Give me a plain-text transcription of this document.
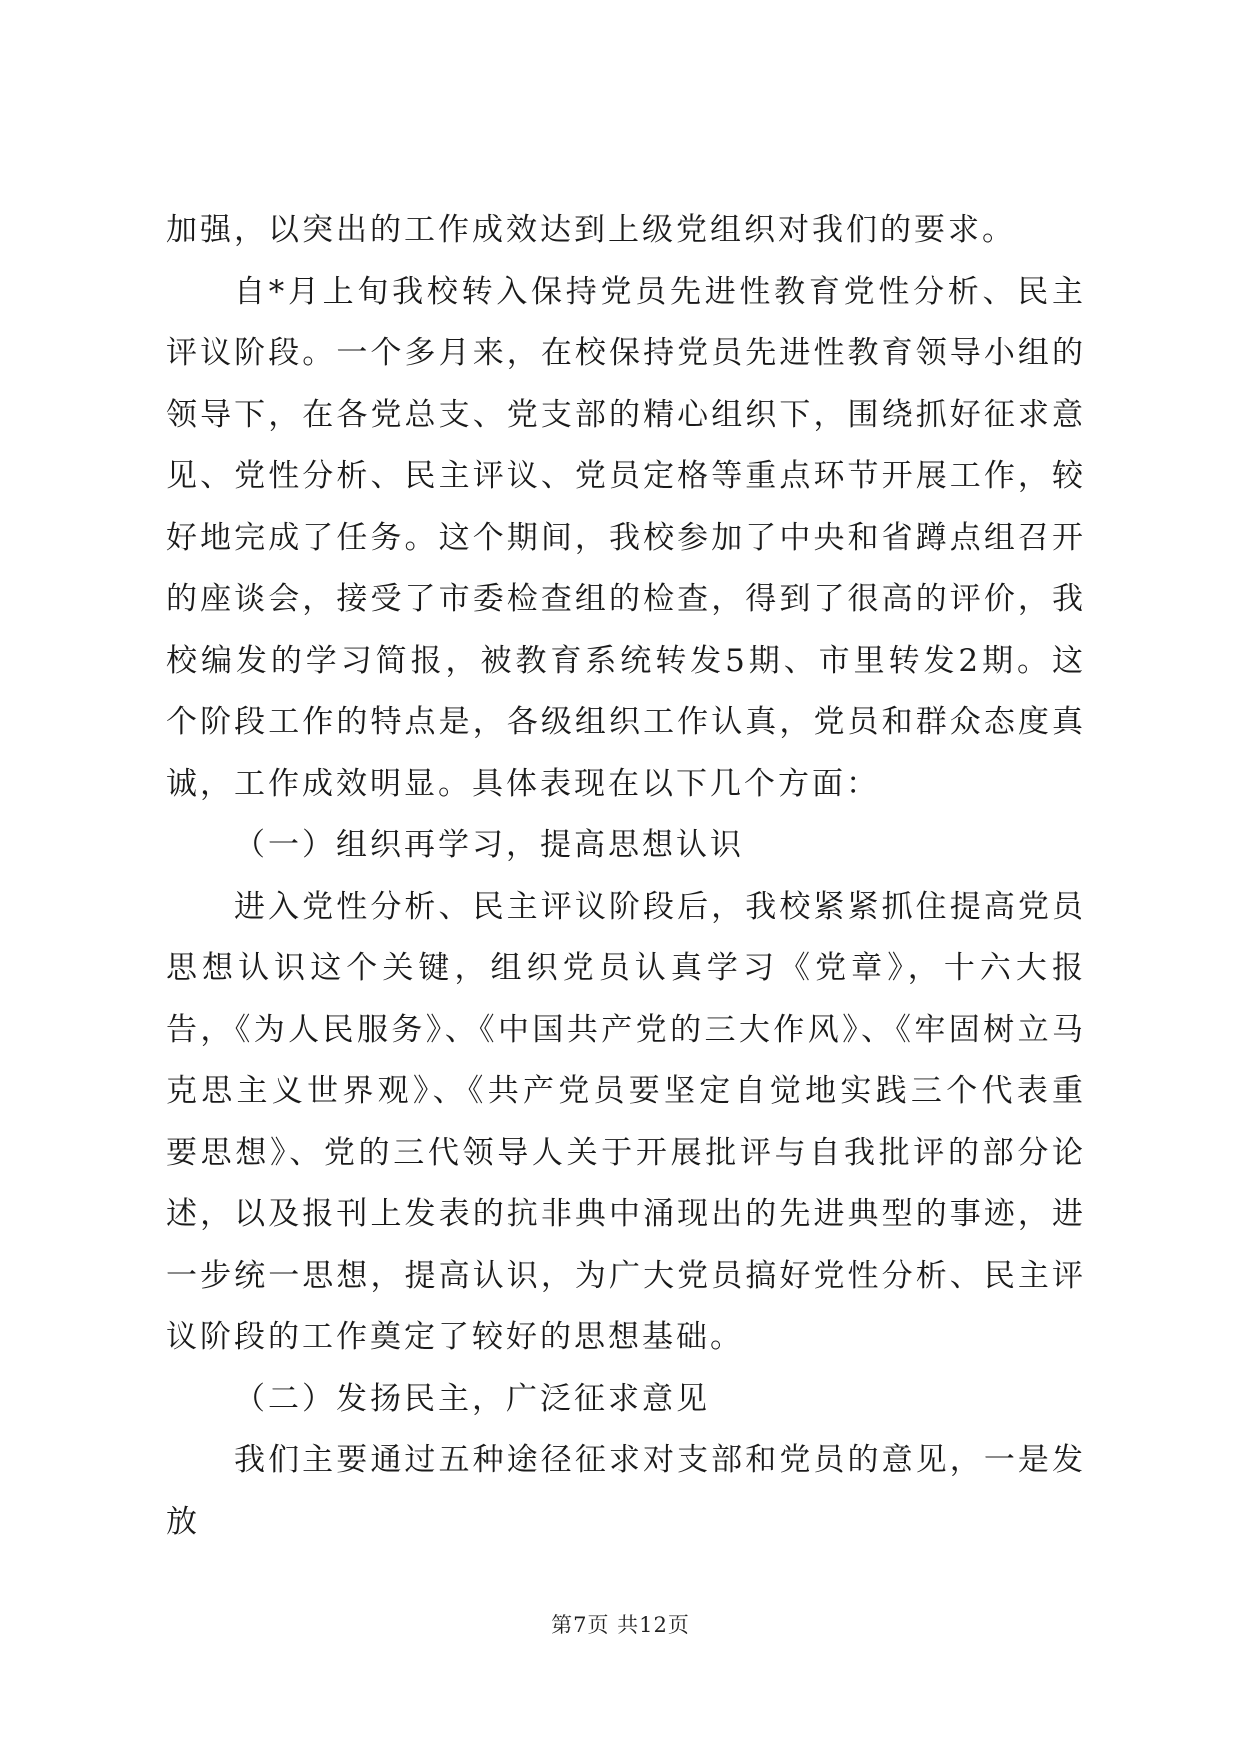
加强，以突出的工作成效达到上级党组织对我们的要求。

自*月上旬我校转入保持党员先进性教育党性分析、民主评议阶段。一个多月来，在校保持党员先进性教育领导小组的领导下，在各党总支、党支部的精心组织下，围绕抓好征求意见、党性分析、民主评议、党员定格等重点环节开展工作，较好地完成了任务。这个期间，我校参加了中央和省蹲点组召开的座谈会，接受了市委检查组的检查，得到了很高的评价，我校编发的学习简报，被教育系统转发5期、市里转发2期。这个阶段工作的特点是，各级组织工作认真，党员和群众态度真诚，工作成效明显。具体表现在以下几个方面：

（一）组织再学习，提高思想认识

进入党性分析、民主评议阶段后，我校紧紧抓住提高党员思想认识这个关键，组织党员认真学习《党章》，十六大报告，《为人民服务》、《中国共产党的三大作风》、《牢固树立马克思主义世界观》、《共产党员要坚定自觉地实践三个代表重要思想》、党的三代领导人关于开展批评与自我批评的部分论述，以及报刊上发表的抗非典中涌现出的先进典型的事迹，进一步统一思想，提高认识，为广大党员搞好党性分析、民主评议阶段的工作奠定了较好的思想基础。

（二）发扬民主，广泛征求意见

我们主要通过五种途径征求对支部和党员的意见，一是发放

第7页 共12页
